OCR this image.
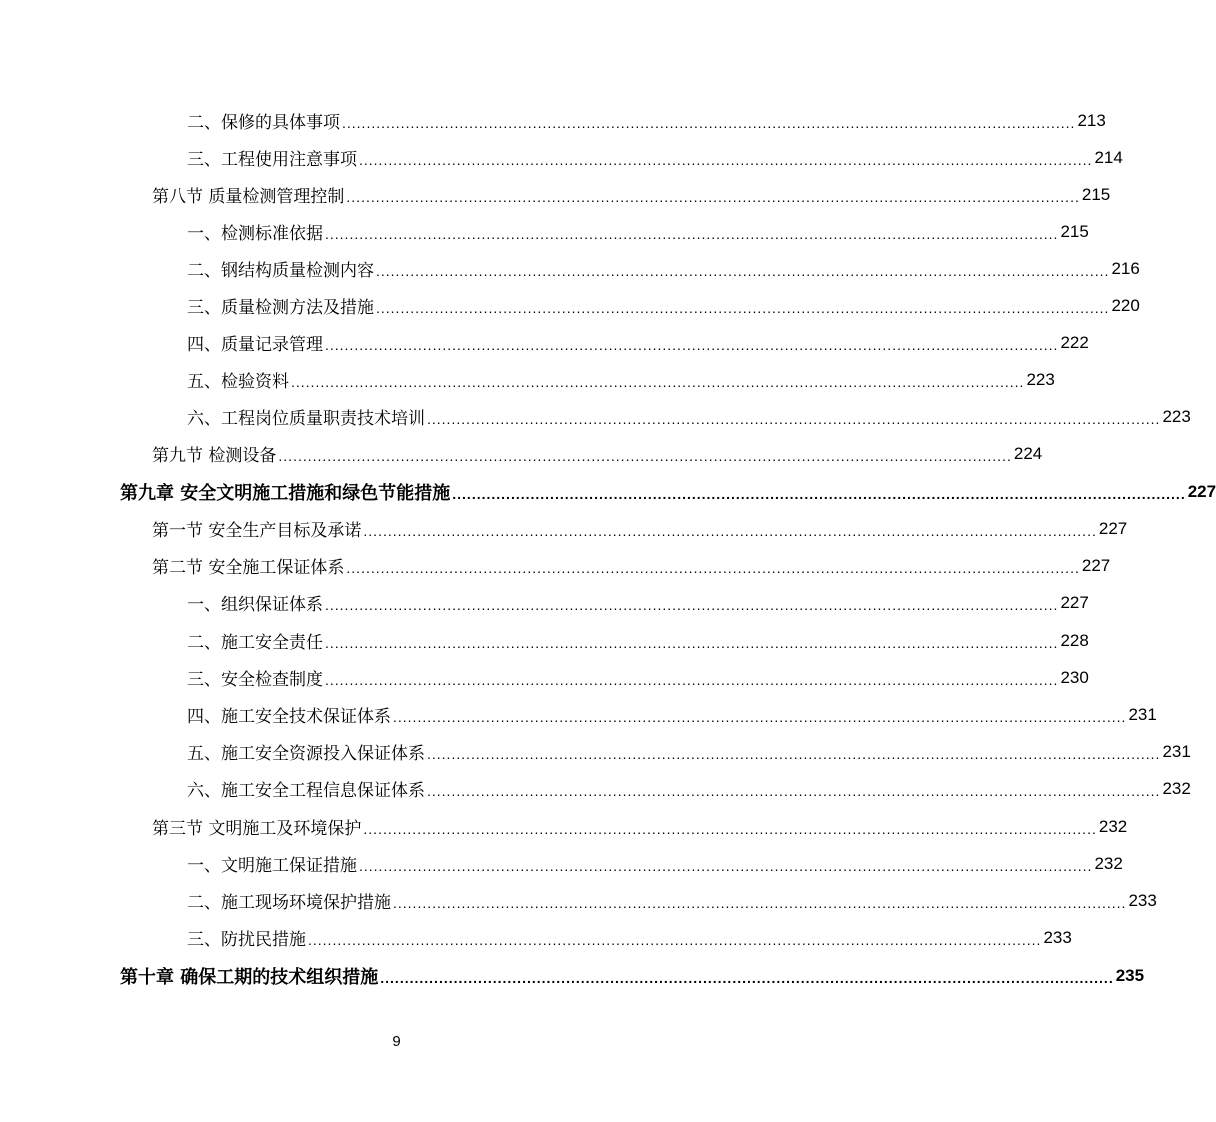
二、保修的具体事项 .....	213
三、工程使用注意事项 .....	214
第八节 质量检测管理控制 .....	215
一、检测标准依据 .....	215
二、钢结构质量检测内容 .....	216
三、质量检测方法及措施 .....	220
四、质量记录管理 .....	222
五、检验资料 .....	223
六、工程岗位质量职责技术培训 .....	223
第九节 检测设备 .....	224
第九章 安全文明施工措施和绿色节能措施 .....	227
第一节 安全生产目标及承诺 .....	227
第二节 安全施工保证体系 .....	227
一、组织保证体系 .....	227
二、施工安全责任 .....	228
三、安全检查制度 .....	230
四、施工安全技术保证体系 .....	231
五、施工安全资源投入保证体系 .....	231
六、施工安全工程信息保证体系 .....	232
第三节 文明施工及环境保护 .....	232
一、文明施工保证措施 .....	232
二、施工现场环境保护措施 .....	233
三、防扰民措施 .....	233
第十章 确保工期的技术组织措施 .....	235
9
